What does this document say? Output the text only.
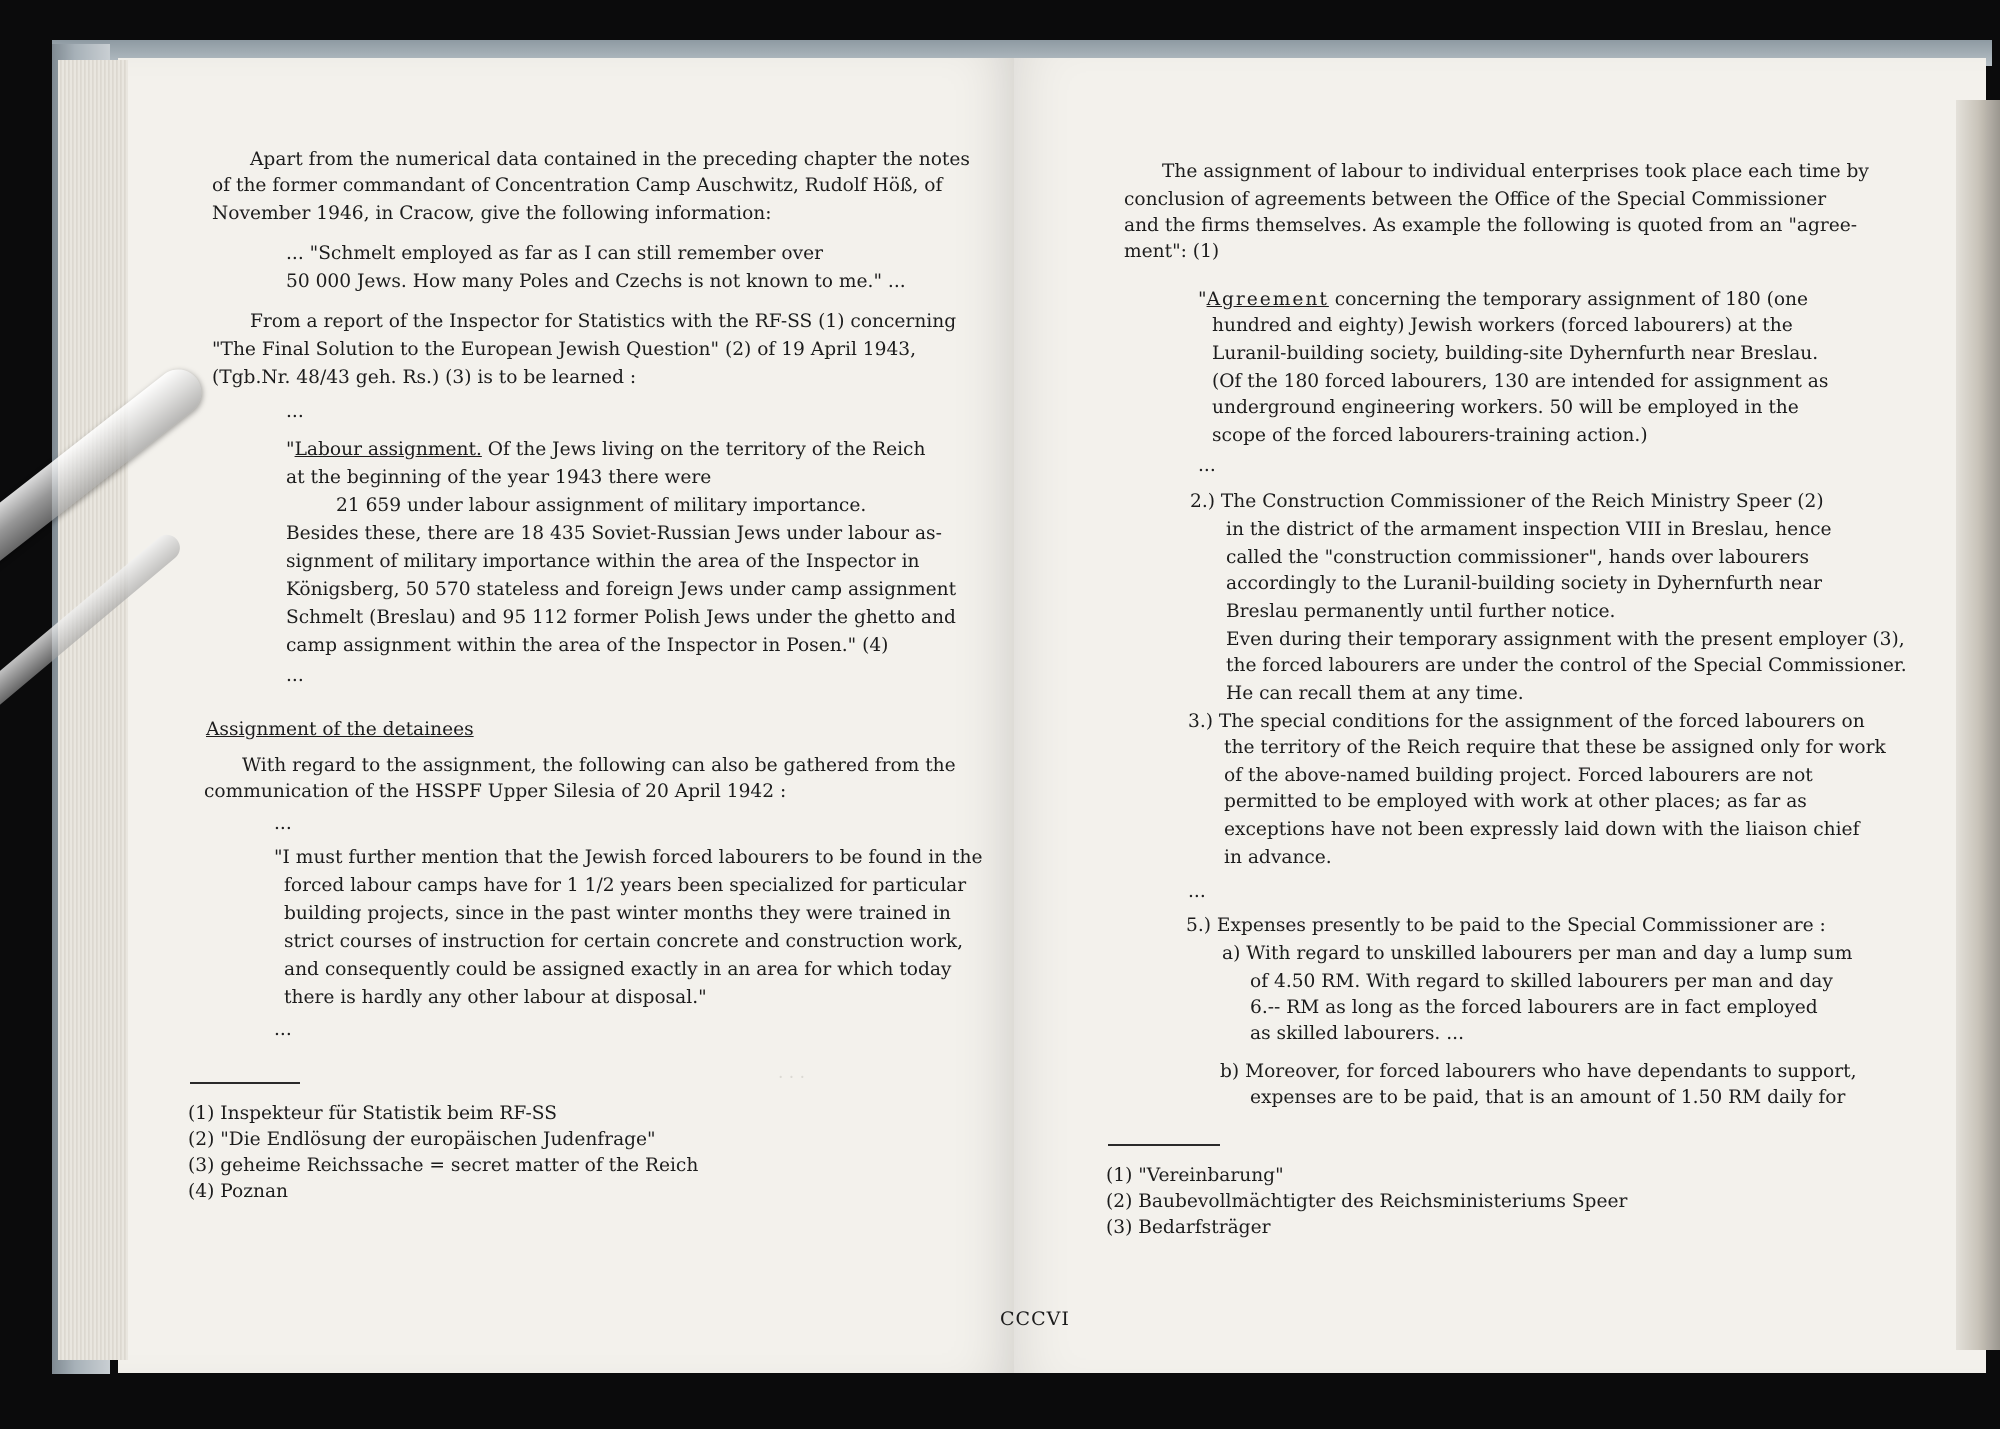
· · ·
Apart from the numerical data contained in the preceding chapter the notes
of the former commandant of Concentration Camp Auschwitz, Rudolf Höß, of
November 1946, in Cracow, give the following information:
... "Schmelt employed as far as I can still remember over
50 000 Jews. How many Poles and Czechs is not known to me." ...
From a report of the Inspector for Statistics with the RF-SS (1) concerning
"The Final Solution to the European Jewish Question" (2) of 19 April 1943,
(Tgb.Nr. 48/43 geh. Rs.) (3) is to be learned :
...
"Labour assignment. Of the Jews living on the territory of the Reich
at the beginning of the year 1943 there were
21 659 under labour assignment of military importance.
Besides these, there are 18 435 Soviet-Russian Jews under labour as-
signment of military importance within the area of the Inspector in
Königsberg, 50 570 stateless and foreign Jews under camp assignment
Schmelt (Breslau) and 95 112 former Polish Jews under the ghetto and
camp assignment within the area of the Inspector in Posen." (4)
...
Assignment of the detainees
With regard to the assignment, the following can also be gathered from the
communication of the HSSPF Upper Silesia of 20 April 1942 :
...
"I must further mention that the Jewish forced labourers to be found in the
forced labour camps have for 1 1/2 years been specialized for particular
building projects, since in the past winter months they were trained in
strict courses of instruction for certain concrete and construction work,
and consequently could be assigned exactly in an area for which today
there is hardly any other labour at disposal."
...
(1) Inspekteur für Statistik beim RF-SS
(2) "Die Endlösung der europäischen Judenfrage"
(3) geheime Reichssache = secret matter of the Reich
(4) Poznan
The assignment of labour to individual enterprises took place each time by
conclusion of agreements between the Office of the Special Commissioner
and the firms themselves. As example the following is quoted from an "agree-
ment": (1)
"Agreement concerning the temporary assignment of 180 (one
hundred and eighty) Jewish workers (forced labourers) at the
Luranil-building society, building-site Dyhernfurth near Breslau.
(Of the 180 forced labourers, 130 are intended for assignment as
underground engineering workers. 50 will be employed in the
scope of the forced labourers-training action.)
...
2.) The Construction Commissioner of the Reich Ministry Speer (2)
in the district of the armament inspection VIII in Breslau, hence
called the "construction commissioner", hands over labourers
accordingly to the Luranil-building society in Dyhernfurth near
Breslau permanently until further notice.
Even during their temporary assignment with the present employer (3),
the forced labourers are under the control of the Special Commissioner.
He can recall them at any time.
3.) The special conditions for the assignment of the forced labourers on
the territory of the Reich require that these be assigned only for work
of the above-named building project. Forced labourers are not
permitted to be employed with work at other places; as far as
exceptions have not been expressly laid down with the liaison chief
in advance.
...
5.) Expenses presently to be paid to the Special Commissioner are :
a) With regard to unskilled labourers per man and day a lump sum
of 4.50 RM. With regard to skilled labourers per man and day
6.-- RM as long as the forced labourers are in fact employed
as skilled labourers. ...
b) Moreover, for forced labourers who have dependants to support,
expenses are to be paid, that is an amount of 1.50 RM daily for
(1) "Vereinbarung"
(2) Baubevollmächtigter des Reichsministeriums Speer
(3) Bedarfsträger
CCCVI
